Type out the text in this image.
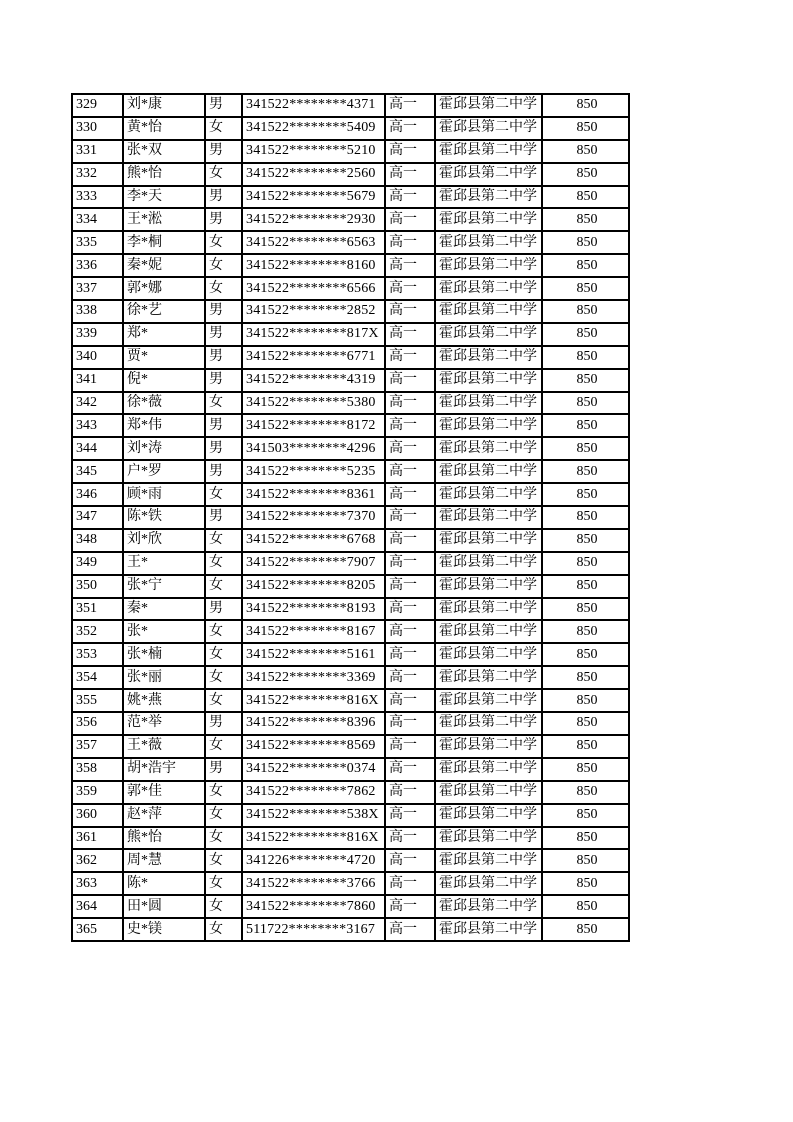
329	刘*康	男	341522********4371	高一	霍邱县第二中学	850
330	黄*怡	女	341522********5409	高一	霍邱县第二中学	850
331	张*双	男	341522********5210	高一	霍邱县第二中学	850
332	熊*怡	女	341522********2560	高一	霍邱县第二中学	850
333	李*天	男	341522********5679	高一	霍邱县第二中学	850
334	王*淞	男	341522********2930	高一	霍邱县第二中学	850
335	李*桐	女	341522********6563	高一	霍邱县第二中学	850
336	秦*妮	女	341522********8160	高一	霍邱县第二中学	850
337	郭*娜	女	341522********6566	高一	霍邱县第二中学	850
338	徐*艺	男	341522********2852	高一	霍邱县第二中学	850
339	郑*	男	341522********817X	高一	霍邱县第二中学	850
340	贾*	男	341522********6771	高一	霍邱县第二中学	850
341	倪*	男	341522********4319	高一	霍邱县第二中学	850
342	徐*薇	女	341522********5380	高一	霍邱县第二中学	850
343	郑*伟	男	341522********8172	高一	霍邱县第二中学	850
344	刘*涛	男	341503********4296	高一	霍邱县第二中学	850
345	户*罗	男	341522********5235	高一	霍邱县第二中学	850
346	顾*雨	女	341522********8361	高一	霍邱县第二中学	850
347	陈*铁	男	341522********7370	高一	霍邱县第二中学	850
348	刘*欣	女	341522********6768	高一	霍邱县第二中学	850
349	王*	女	341522********7907	高一	霍邱县第二中学	850
350	张*宁	女	341522********8205	高一	霍邱县第二中学	850
351	秦*	男	341522********8193	高一	霍邱县第二中学	850
352	张*	女	341522********8167	高一	霍邱县第二中学	850
353	张*楠	女	341522********5161	高一	霍邱县第二中学	850
354	张*丽	女	341522********3369	高一	霍邱县第二中学	850
355	姚*燕	女	341522********816X	高一	霍邱县第二中学	850
356	范*举	男	341522********8396	高一	霍邱县第二中学	850
357	王*薇	女	341522********8569	高一	霍邱县第二中学	850
358	胡*浩宇	男	341522********0374	高一	霍邱县第二中学	850
359	郭*佳	女	341522********7862	高一	霍邱县第二中学	850
360	赵*萍	女	341522********538X	高一	霍邱县第二中学	850
361	熊*怡	女	341522********816X	高一	霍邱县第二中学	850
362	周*慧	女	341226********4720	高一	霍邱县第二中学	850
363	陈*	女	341522********3766	高一	霍邱县第二中学	850
364	田*圆	女	341522********7860	高一	霍邱县第二中学	850
365	史*镁	女	511722********3167	高一	霍邱县第二中学	850
